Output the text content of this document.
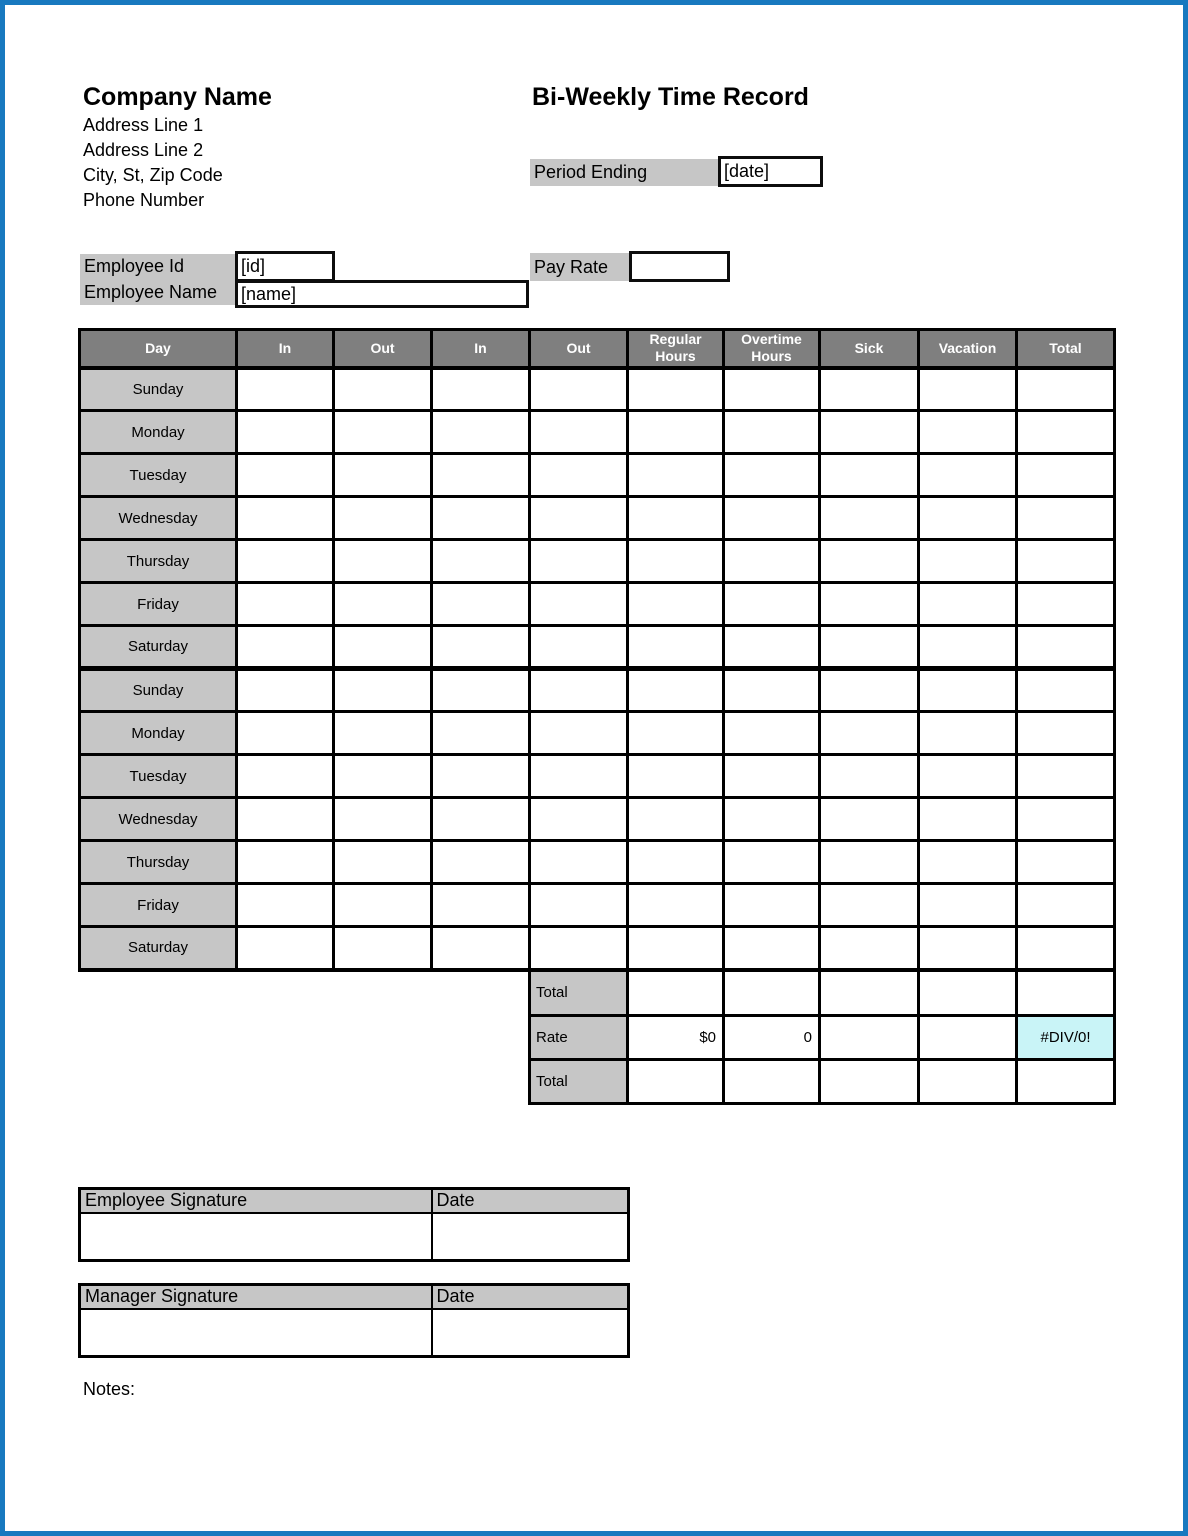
Company Name
Address Line 1
Address Line 2
City, St, Zip Code
Phone Number
Bi-Weekly Time Record
Period Ending	[date]
Employee Id	[id]
Employee Name	[name]
Pay Rate
Day	In	Out	In	Out	Regular Hours	Overtime Hours	Sick	Vacation	Total
Sunday									
Monday									
Tuesday									
Wednesday									
Thursday									
Friday									
Saturday									
Sunday									
Monday									
Tuesday									
Wednesday									
Thursday									
Friday									
Saturday									
Total					
Rate	$0	0			#DIV/0!
Total					
Employee Signature	Date

Manager Signature	Date

Notes:
